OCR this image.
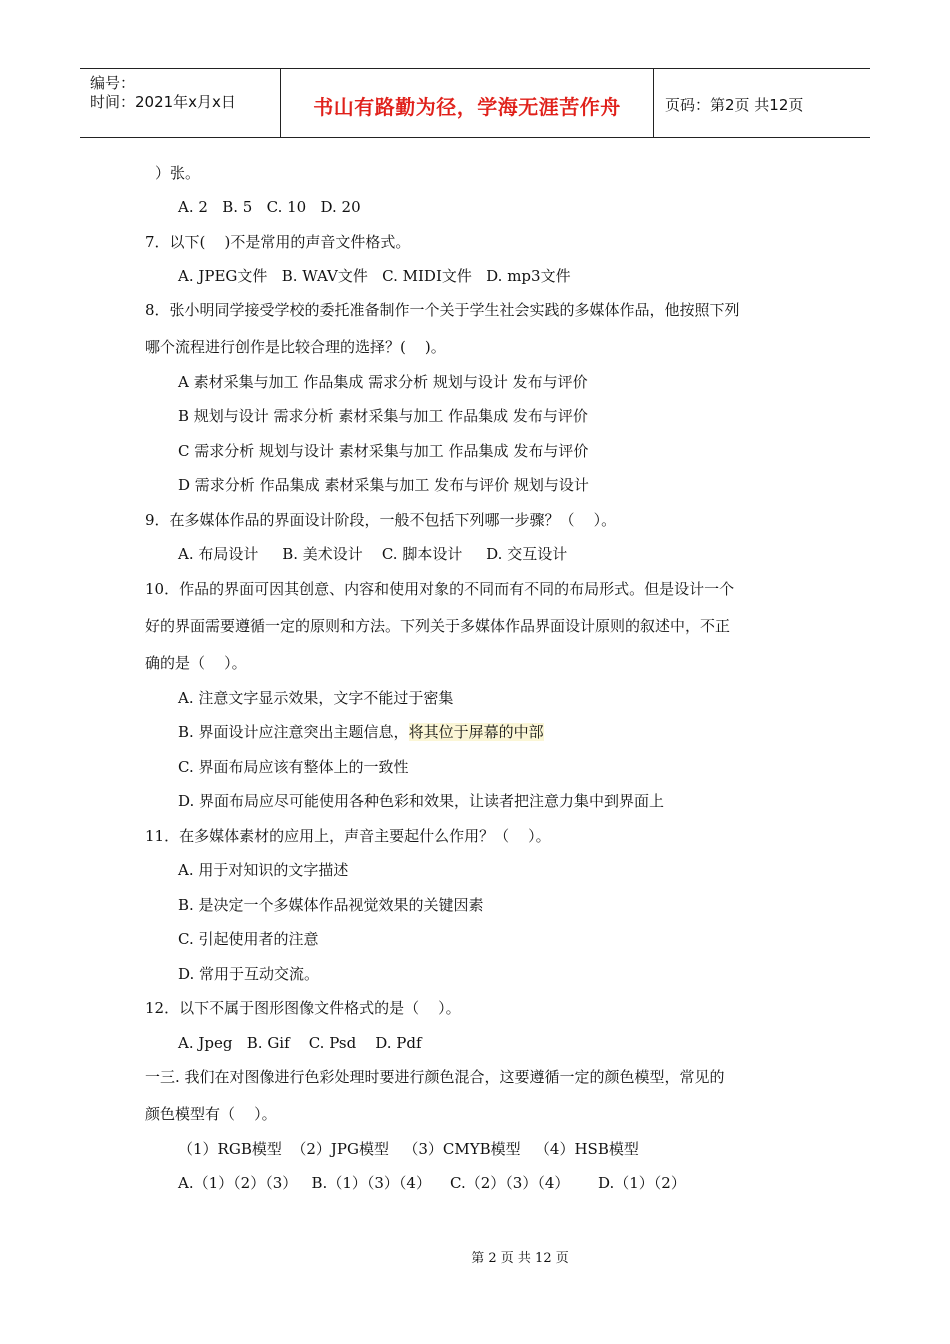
编号：
时间：2021年x月x日	书山有路勤为径，学海无涯苦作舟	页码：第2页 共12页
）张。
A. 2   B. 5   C. 10   D. 20
7．以下(    )不是常用的声音文件格式。
A. JPEG文件   B. WAV文件   C. MIDI文件   D. mp3文件
8．张小明同学接受学校的委托准备制作一个关于学生社会实践的多媒体作品，他按照下列
哪个流程进行创作是比较合理的选择？(    )。
A 素材采集与加工 作品集成 需求分析 规划与设计 发布与评价
B 规划与设计 需求分析 素材采集与加工 作品集成 发布与评价
C 需求分析 规划与设计 素材采集与加工 作品集成 发布与评价
D 需求分析 作品集成 素材采集与加工 发布与评价 规划与设计
9．在多媒体作品的界面设计阶段，一般不包括下列哪一步骤？（    ）。
A. 布局设计     B. 美术设计    C. 脚本设计     D. 交互设计
10．作品的界面可因其创意、内容和使用对象的不同而有不同的布局形式。但是设计一个
好的界面需要遵循一定的原则和方法。下列关于多媒体作品界面设计原则的叙述中，不正
确的是（    ）。
A. 注意文字显示效果，文字不能过于密集
B. 界面设计应注意突出主题信息，将其位于屏幕的中部
C. 界面布局应该有整体上的一致性
D. 界面布局应尽可能使用各种色彩和效果，让读者把注意力集中到界面上
11．在多媒体素材的应用上，声音主要起什么作用？（    ）。
A. 用于对知识的文字描述
B. 是决定一个多媒体作品视觉效果的关键因素
C. 引起使用者的注意
D. 常用于互动交流。
12．以下不属于图形图像文件格式的是（    ）。
A. Jpeg   B. Gif    C. Psd    D. Pdf
一三. 我们在对图像进行色彩处理时要进行颜色混合，这要遵循一定的颜色模型，常见的
颜色模型有（    ）。
（1）RGB模型  （2）JPG模型   （3）CMYB模型   （4）HSB模型
A.（1）（2）（3）   B.（1）（3）（4）    C.（2）（3）（4）      D.（1）（2）
第 2 页 共 12 页
